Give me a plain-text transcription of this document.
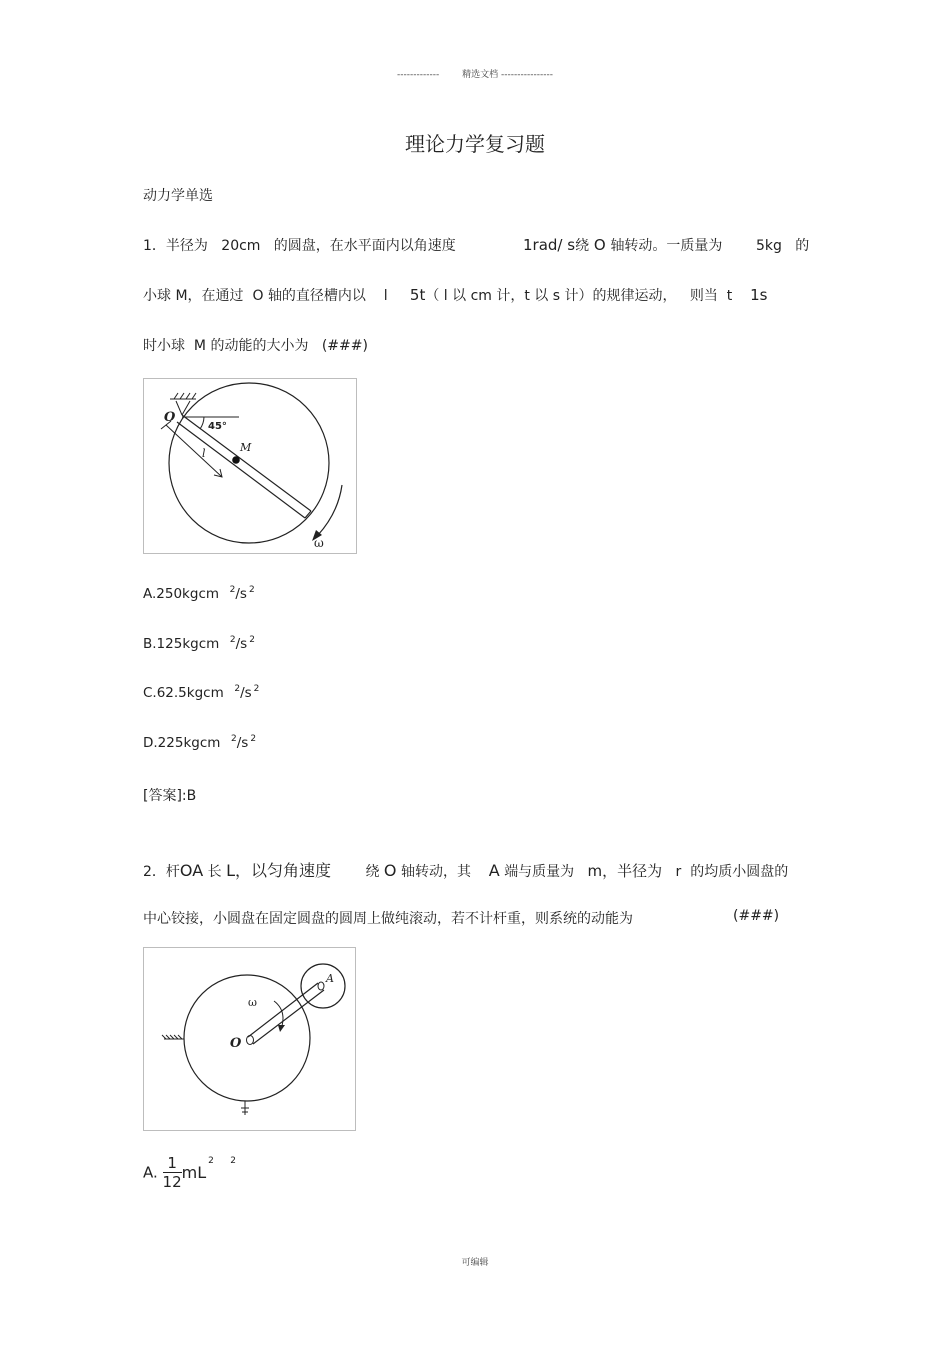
-------------	精选文档 ----------------
理论力学复习题
动力学单选
1．半径为 20cm 的圆盘，在水平面内以角速度	1rad/ s绕 O 轴转动。一质量为 5kg 的
小球 M，在通过 O 轴的直径槽内以 l 5t（ l 以 cm 计，t 以 s 计）的规律运动， 则当 t 1s
时小球 M 的动能的大小为 (###)
O
45°
M
l
ω
A.250kgcm $^2$/s $^2$
B.125kgcm $^2$/s $^2$
C.62.5kgcm $^2$/s $^2$
D.225kgcm $^2$/s $^2$
[答案]:B
2．杆OA 长 L，以匀角速度 绕 O 轴转动，其 A 端与质量为 m，半径为 r 的均质小圆盘的
中心铰接，小圆盘在固定圆盘的圆周上做纯滚动，若不计杆重，则系统的动能为	(###)
O
A
ω
A. $\frac{1}{12} mL^2$ $^2$
可编辑
